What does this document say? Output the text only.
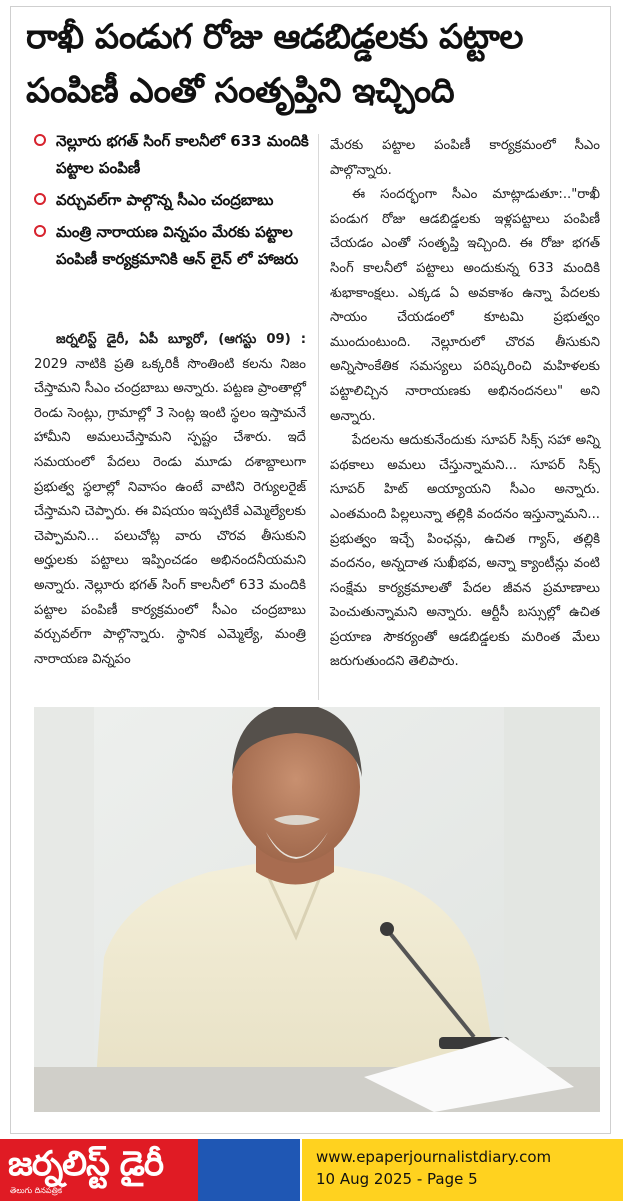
రాఖీ పండుగ రోజు ఆడబిడ్డలకు పట్టాల పంపిణీ ఎంతో సంతృప్తిని ఇచ్చింది
నెల్లూరు భగత్ సింగ్ కాలనీలో 633 మందికి పట్టాల పంపిణీ
వర్చువల్‌గా పాల్గొన్న సీఎం చంద్రబాబు
మంత్రి నారాయణ విన్నపం మేరకు పట్టాల పంపిణీ కార్యక్రమానికి ఆన్ లైన్ లో హాజరు

జర్నలిస్ట్ డైరీ, ఏపీ బ్యూరో, (ఆగస్టు 09) : 2029 నాటికి ప్రతి ఒక్కరికీ సొంతింటి కలను నిజం చేస్తామని సీఎం చంద్రబాబు అన్నారు. పట్టణ ప్రాంతాల్లో రెండు సెంట్లు, గ్రామాల్లో 3 సెంట్ల ఇంటి స్థలం ఇస్తామనే హామీని అమలుచేస్తామని స్పష్టం చేశారు. ఇదే సమయంలో పేదలు రెండు మూడు దశాబ్దాలుగా ప్రభుత్వ స్థలాల్లో నివాసం ఉంటే వాటిని రెగ్యులరైజ్ చేస్తామని చెప్పారు. ఈ విషయం ఇప్పటికే ఎమ్మెల్యేలకు చెప్పామని... పలుచోట్ల వారు చొరవ తీసుకుని అర్హులకు పట్టాలు ఇప్పించడం అభినందనీయమని అన్నారు. నెల్లూరు భగత్ సింగ్ కాలనీలో 633 మందికి పట్టాల పంపిణీ కార్యక్రమంలో సీఎం చంద్రబాబు వర్చువల్‌గా పాల్గొన్నారు. స్థానిక ఎమ్మెల్యే, మంత్రి నారాయణ విన్నపం

మేరకు పట్టాల పంపిణీ కార్యక్రమంలో సీఎం పాల్గొన్నారు.

ఈ సందర్భంగా సీఎం మాట్లాడుతూ:.."రాఖీ పండుగ రోజు ఆడబిడ్డలకు ఇళ్లపట్టాలు పంపిణీ చేయడం ఎంతో సంతృప్తి ఇచ్చింది. ఈ రోజు భగత్ సింగ్ కాలనీలో పట్టాలు అందుకున్న 633 మందికి శుభాకాంక్షలు. ఎక్కడ ఏ అవకాశం ఉన్నా పేదలకు సాయం చేయడంలో కూటమి ప్రభుత్వం ముందుంటుంది. నెల్లూరులో చొరవ తీసుకుని అన్నిసాంకేతిక సమస్యలు పరిష్కరించి మహిళలకు పట్టాలిచ్చిన నారాయణకు అభినందనలు" అని అన్నారు.

పేదలను ఆదుకునేందుకు సూపర్ సిక్స్ సహా అన్ని పథకాలు అమలు చేస్తున్నామని... సూపర్ సిక్స్ సూపర్ హిట్ అయ్యాయని సీఎం అన్నారు. ఎంతమంది పిల్లలున్నా తల్లికి వందనం ఇస్తున్నామని... ప్రభుత్వం ఇచ్చే పింఛన్లు, ఉచిత గ్యాస్, తల్లికి వందనం, అన్నదాత సుఖీభవ, అన్నా క్యాంటీన్లు వంటి సంక్షేమ కార్యక్రమాలతో పేదల జీవన ప్రమాణాలు పెంచుతున్నామని అన్నారు. ఆర్టీసీ బస్సుల్లో ఉచిత ప్రయాణ సౌకర్యంతో ఆడబిడ్డలకు మరింత మేలు జరుగుతుందని తెలిపారు.

జర్నలిస్ట్ డైరీ
తెలుగు దినపత్రిక
www.epaperjournalistdiary.com
10 Aug 2025 - Page 5
